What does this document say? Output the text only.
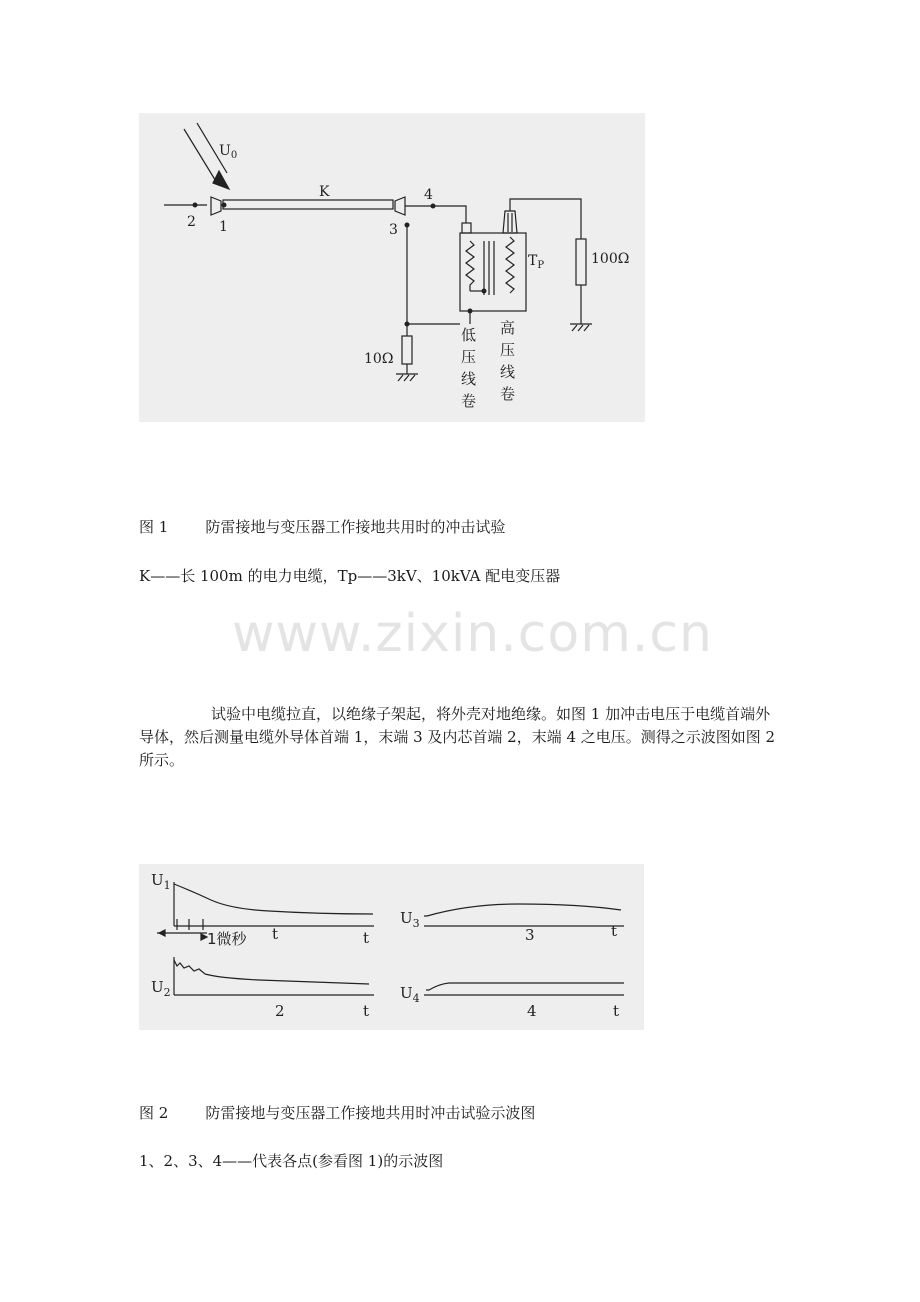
$U_0$
K
2 1	3
4
$T_P$	100Ω
10Ω
低
压
线
卷
高
压
线
卷
图 1 防雷接地与变压器工作接地共用时的冲击试验
K——长 100m 的电力电缆，Tp——3kV、10kVA 配电变压器
www.zixin.com.cn
试验中电缆拉直，以绝缘子架起，将外壳对地绝缘。如图 1 加冲击电压于电缆首端外导体，然后测量电缆外导体首端 1，末端 3 及内芯首端 2，末端 4 之电压。测得之示波图如图 2 所示。
$U_1$
$U_2$
$U_3$
$U_4$
1微秒 t	t
t
2
3	t
4	t
图 2 防雷接地与变压器工作接地共用时冲击试验示波图
1、2、3、4——代表各点(参看图 1)的示波图
